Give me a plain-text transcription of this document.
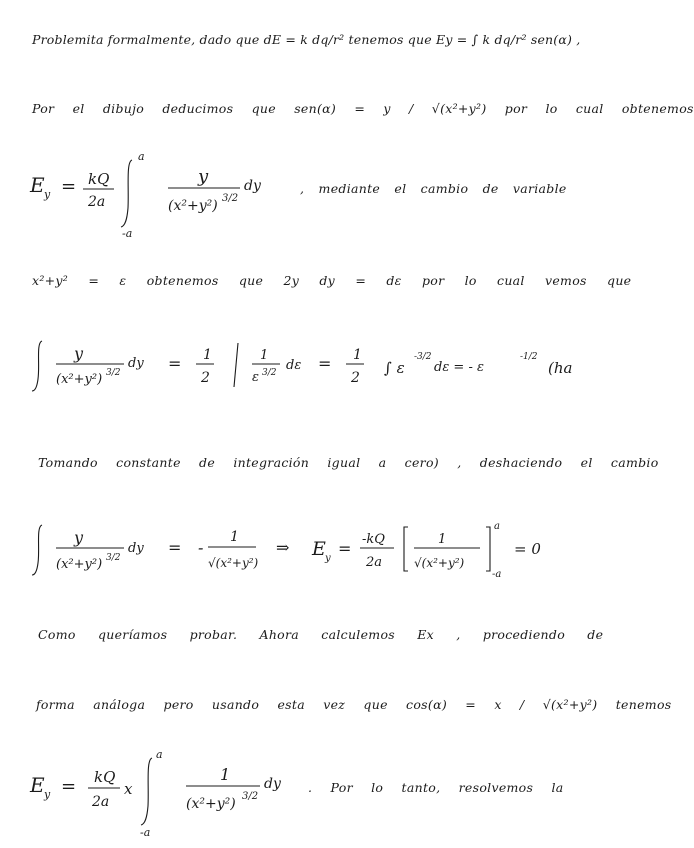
Problemita formalmente, dado que dE = k dq/r² tenemos que Ey = ∫ k dq/r² sen(α) ,
Por el dibujo deducimos que sen(α) = y / √(x²+y²) por lo cual obtenemos
E y = kQ
2a
a
-a
y
(x²+y²) 3/2
dy	, mediante el cambio de variable
x²+y² = ε obtenemos que 2y dy = dε por lo cual vemos que
y
(x²+y²) 3/2
dy = 1
2
1
ε 3/2 dε = 1
2
∫ ε
-3/2
dε = - ε
-1/2
(ha
Tomando constante de integración igual a cero) , deshaciendo el cambio
y
(x²+y²) 3/2
dy = -
1
√(x²+y²)
⇒ E y
= -kQ
2a
1
√(x²+y²)
a
-a
= 0
Como queríamos probar. Ahora calculemos Ex , procediendo de
forma análoga pero usando esta vez que cos(α) = x / √(x²+y²) tenemos
E y = kQ
2a
x
a
-a
1
(x²+y²) 3/2
dy . Por lo tanto, resolvemos la
